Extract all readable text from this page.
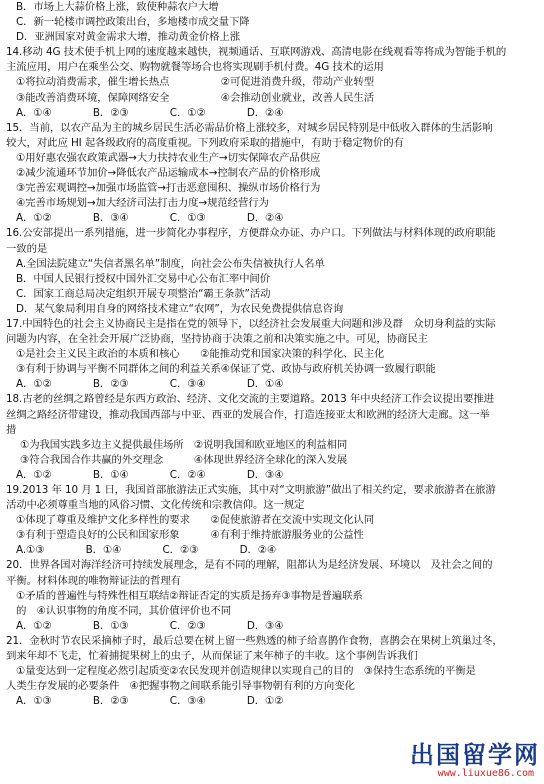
B．市场上大蒜价格上涨，致使种蒜农户大增
C．新一轮楼市调控政策出台，多地楼市成交量下降
D．亚洲国家对黄金需求大增，推动黄金价格上涨
14.移动 4G 技术使手机上网的速度越来越快，视频通话、互联网游戏、高清电影在线观看等将成为智能手机的
主流应用，用户在乘坐公交、购物就餐等场合也将实现刷手机付费。4G 技术的运用
①将拉动消费需求，催生增长热点　　　　　②可促进消费升级，带动产业转型
③能改善消费环境，保障网络安全　　　　　④会推动创业就业，改善人民生活
A．①④　　　　B．②③　　　　C．①②　　　　D．②④
15．当前，以农产品为主的城乡居民生活必需品价格上涨较多，对城乡居民特别是中低收入群体的生活影响
较大，对此应 HI 起各级政府的高度重视。下列政府采取的措施中，有助于稳定物价的有
①用好惠农强农政策武器→大力扶持农业生产→切实保障农产品供应
②减少流通环节加价→降低农产品运输成本→控制农产品的价格形成
③完善宏观调控→加强市场监管→打击恶意囤积、操纵市场价格行为
④完善市场规划→加大经济司法打击力度→规范经营行为
A．①②　　　　B．③④　　　　C．①③　　　　D．②④
16.公安部提出一系列措施，进一步简化办事程序，方便群众办证、办户口。下列做法与材料体现的政府职能
一致的是
A.全国法院建立“失信者黑名单”制度，向社会公布失信被执行人名单
B．中国人民银行授权中国外汇交易中心公布汇率中间价
C．国家工商总局决定组织开展专项整治“霸王条款”活动
D．某气象局利用自身的网络技术建立“农网”，为农民免费提供信息咨询
17.中国特色的社会主义协商民主是指在党的领导下，以经济社会发展重大问题和涉及群　众切身利益的实际
问题为内容，在全社会开展广泛协商，坚持协商于决策之前和决策实施之中。可见，协商民主
①是社会主义民主政治的本质和核心　　②能推动党和国家决策的科学化、民主化
③有利于协调与平衡不同群体之间的利益关系④保证了党、政协与政府机关协调一致履行职能
A．①②　　　　B．②③　　　　C．③④　　　　D．①④
18.古老的丝绸之路曾经是东西方政治、经济、文化交流的主要道路。2013 年中央经济工作会议提出要推进
丝绸之路经济带建设，推动我国西部与中亚、西亚的发展合作，打造连接亚太和欧洲的经济大走廊。这一举
措
①为我国实践多边主义提供最佳场所　②说明我国和欧亚地区的利益相同
③符合我国合作共赢的外交理念　　　④体现世界经济全球化的深入发展
A．①②　　　　B．①④　　　　C．②④　　　　D．③④
19.2013 年 10 月 1 日，我国首部旅游法正式实施，其中对“文明旅游”做出了相关约定，要求旅游者在旅游
活动中必须尊重当地的风俗习惯、文化传统和宗教信仰。这一规定
①体现了尊重及维护文化多样性的要求　　②促使旅游者在交流中实现文化认同
③有利于塑造良好的公民和国家形象　　　④有利于维持旅游服务业的公益性
A.①③　　　　B．①④　　　　C．②③　　　　D．②④
20．世界各国对海洋经济可持续发展理念，是有不同的理解，阻都认为是经济发展、环境以　及社会之间的
平衡。材料体现的唯物辩证法的哲理有
①矛盾的普遍性与特殊性相互联结②辩证否定的实质是扬弃③事物是普遍联系
的　④认识事物的角度不同，其价值评价也不同
A．①②　　　　B．①③　　　　C．②③　　　　D．③④
21．金秋时节农民采摘柿子时，最后总要在树上留一些熟透的柿子给喜鹊作食物，喜鹊会在果树上筑巢过冬，
到来年却不飞走，忙着捕捉果树上的虫子，从而保证了来年柿子的丰收。这个事例告诉我们
①量变达到一定程度必然引起质变②农民发现并创造规律以实现自己的目的　③保持生态系统的平衡是
人类生存发展的必要条件　④把握事物之间联系能引导事物朝有利的方向变化
A．①③　　　　B．②③　　　　C．③④　　　　D．①②
出国留学网
www.liuxue86.com
